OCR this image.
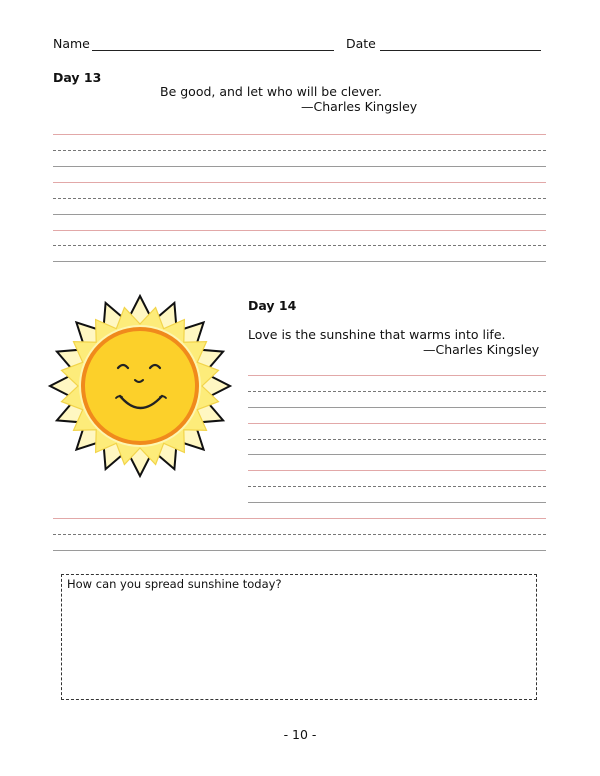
Name	Date
Day 13
Be good, and let who will be clever.
—Charles Kingsley
Day 14
Love is the sunshine that warms into life.
—Charles Kingsley
How can you spread sunshine today?
- 10 -
